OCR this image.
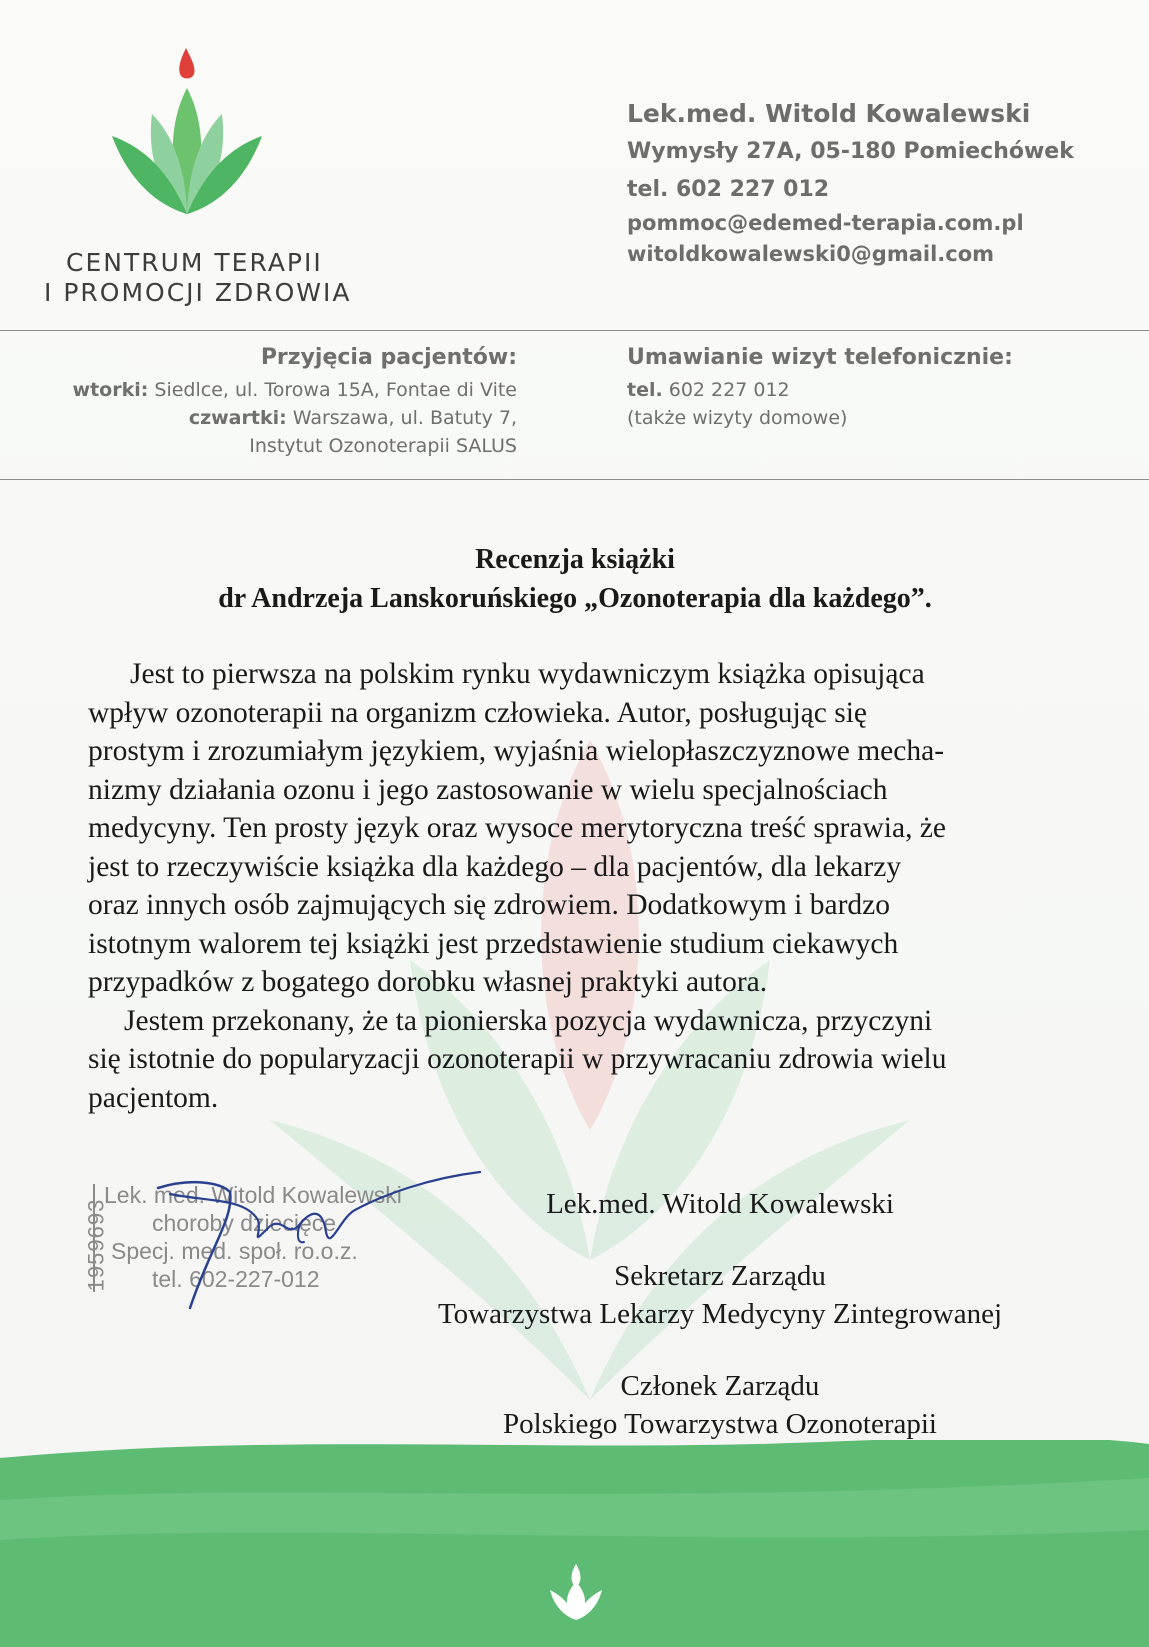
CENTRUM TERAPII
I PROMOCJI ZDROWIA
Lek.med. Witold Kowalewski
Wymysły 27A, 05-180 Pomiechówek
tel. 602 227 012
pommoc@edemed-terapia.com.pl
witoldkowalewski0@gmail.com
Przyjęcia pacjentów:
wtorki: Siedlce, ul. Torowa 15A, Fontae di Vite
czwartki: Warszawa, ul. Batuty 7,
Instytut Ozonoterapii SALUS
Umawianie wizyt telefonicznie:
tel. 602 227 012
(także wizyty domowe)
Recenzja książki
dr Andrzeja Lanskoruńskiego „Ozonoterapia dla każdego”.
Jest to pierwsza na polskim rynku wydawniczym książka opisująca
wpływ ozonoterapii na organizm człowieka. Autor, posługując się
prostym i zrozumiałym językiem, wyjaśnia wielopłaszczyznowe mecha-
nizmy działania ozonu i jego zastosowanie w wielu specjalnościach
medycyny. Ten prosty język oraz wysoce merytoryczna treść sprawia, że
jest to rzeczywiście książka dla każdego – dla pacjentów, dla lekarzy
oraz innych osób zajmujących się zdrowiem. Dodatkowym i bardzo
istotnym walorem tej książki jest przedstawienie studium ciekawych
przypadków z bogatego dorobku własnej praktyki autora.
Jestem przekonany, że ta pionierska pozycja wydawnicza, przyczyni
się istotnie do popularyzacji ozonoterapii w przywracaniu zdrowia wielu
pacjentom.
1959693
Lek. med. Witold Kowalewski
choroby dziecięce
Specj. med. społ. ro.o.z.
tel. 602-227-012
Lek.med. Witold Kowalewski
Sekretarz Zarządu
Towarzystwa Lekarzy Medycyny Zintegrowanej
Członek Zarządu
Polskiego Towarzystwa Ozonoterapii
